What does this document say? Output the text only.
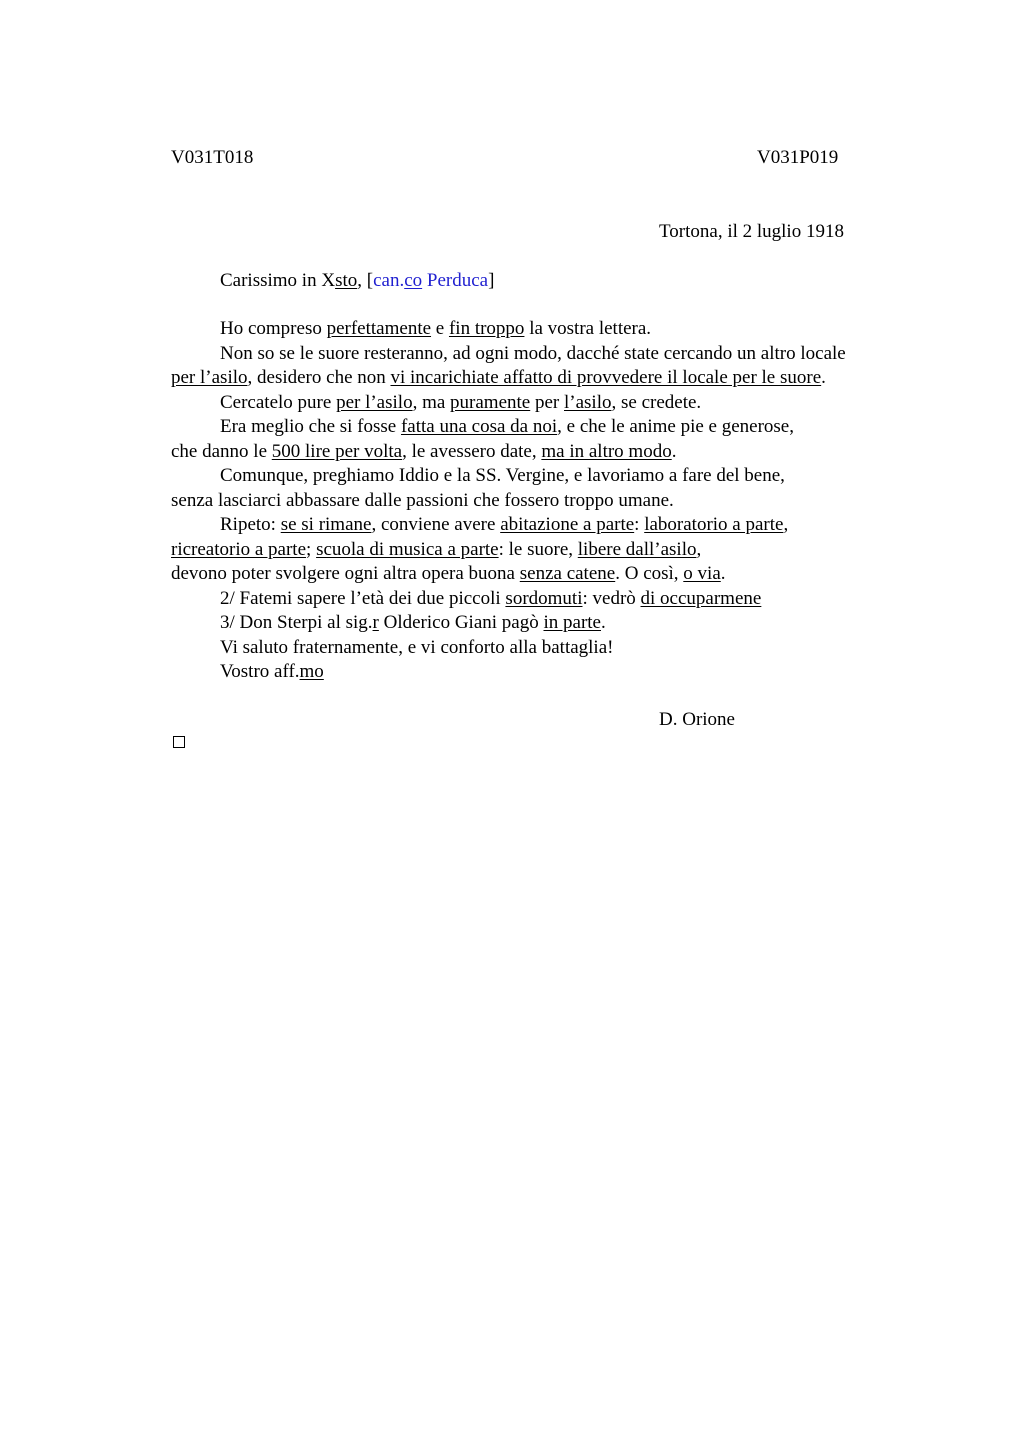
V031T018	V031P019
Tortona, il 2 luglio 1918
Carissimo in Xsto, [can.co Perduca]
Ho compreso perfettamente e fin troppo la vostra lettera.
Non so se le suore resteranno, ad ogni modo, dacché state cercando un altro locale
per l’asilo, desidero che non vi incarichiate affatto di provvedere il locale per le suore.
Cercatelo pure per l’asilo, ma puramente per l’asilo, se credete.
Era meglio che si fosse fatta una cosa da noi, e che le anime pie e generose,
che danno le 500 lire per volta, le avessero date, ma in altro modo.
Comunque, preghiamo Iddio e la SS. Vergine, e lavoriamo a fare del bene,
senza lasciarci abbassare dalle passioni che fossero troppo umane.
Ripeto: se si rimane, conviene avere abitazione a parte: laboratorio a parte,
ricreatorio a parte; scuola di musica a parte: le suore, libere dall’asilo,
devono poter svolgere ogni altra opera buona senza catene. O così, o via.
2/ Fatemi sapere l’età dei due piccoli sordomuti: vedrò di occuparmene
3/ Don Sterpi al sig.r Olderico Giani pagò in parte.
Vi saluto fraternamente, e vi conforto alla battaglia!
Vostro aff.mo
D. Orione
